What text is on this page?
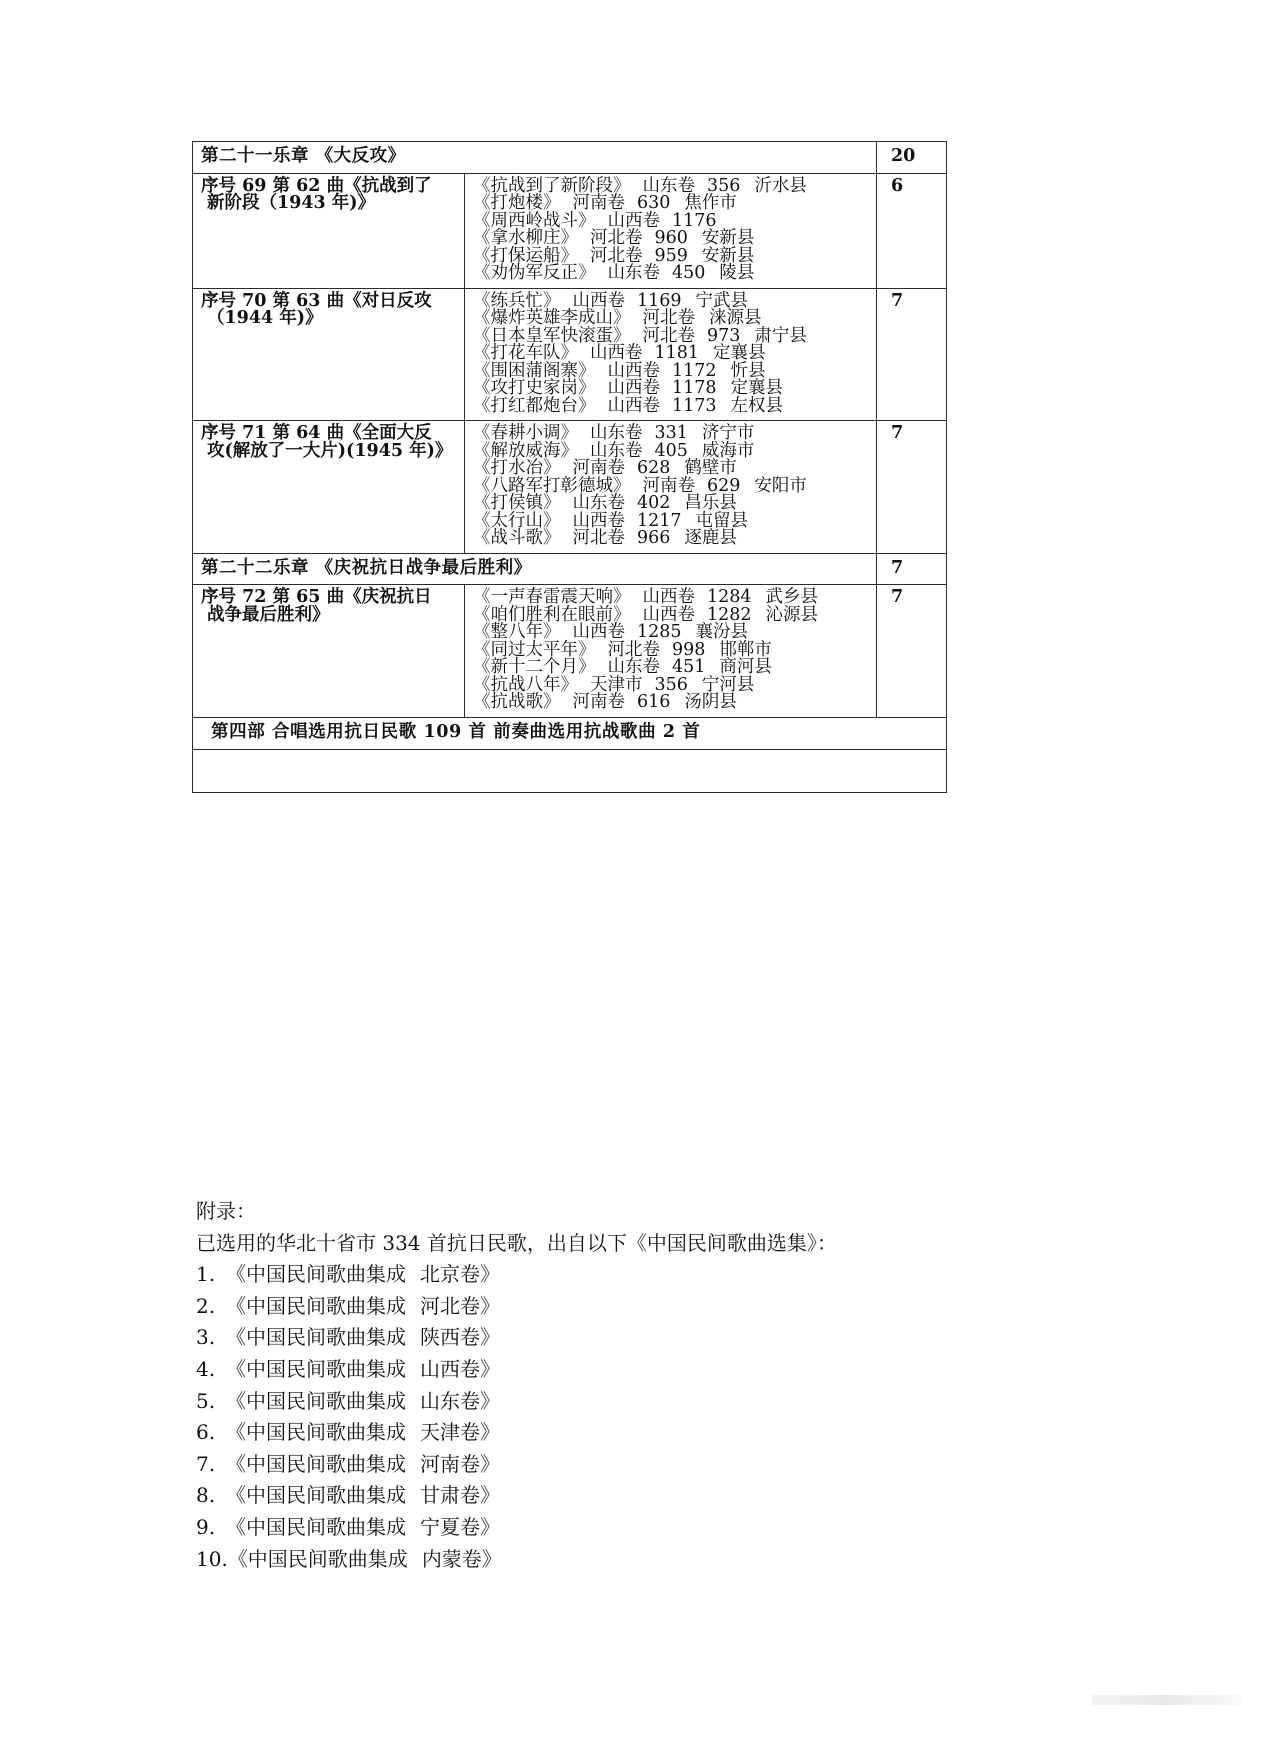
第二十一乐章 《大反攻》		20

序号 69 第 62 曲《抗战到了
新阶段（1943 年)》

《抗战到了新阶段》 山东卷 356 沂水县
《打炮楼》 河南卷 630 焦作市
《周西岭战斗》 山西卷 1176
《拿水柳庄》 河北卷 960 安新县
《打保运船》 河北卷 959 安新县
《劝伪军反正》 山东卷 450 陵县
	6

序号 70 第 63 曲《对日反攻
（1944 年)》

《练兵忙》 山西卷 1169 宁武县
《爆炸英雄李成山》 河北卷 涞源县
《日本皇军快滚蛋》 河北卷 973 肃宁县
《打花车队》 山西卷 1181 定襄县
《围困蒲阁寨》 山西卷 1172 忻县
《攻打史家岗》 山西卷 1178 定襄县
《打红都炮台》 山西卷 1173 左权县
	7

序号 71 第 64 曲《全面大反
攻(解放了一大片)(1945 年)》

《春耕小调》 山东卷 331 济宁市
《解放威海》 山东卷 405 威海市
《打水冶》 河南卷 628 鹤壁市
《八路军打彰德城》 河南卷 629 安阳市
《打侯镇》 山东卷 402 昌乐县
《太行山》 山西卷 1217 屯留县
《战斗歌》 河北卷 966 逐鹿县
	7
第二十二乐章 《庆祝抗日战争最后胜利》		7

序号 72 第 65 曲《庆祝抗日
战争最后胜利》

《一声春雷震天响》 山西卷 1284 武乡县
《咱们胜利在眼前》 山西卷 1282 沁源县
《整八年》 山西卷 1285 襄汾县
《同过太平年》 河北卷 998 邯郸市
《新十二个月》 山东卷 451 商河县
《抗战八年》 天津市 356 宁河县
《抗战歌》 河南卷 616 汤阴县
	7
第四部 合唱选用抗日民歌 109 首 前奏曲选用抗战歌曲 2 首		

附录：
已选用的华北十省市 334 首抗日民歌，出自以下《中国民间歌曲选集》：
1. 《中国民间歌曲集成 北京卷》
2. 《中国民间歌曲集成 河北卷》
3. 《中国民间歌曲集成 陕西卷》
4. 《中国民间歌曲集成 山西卷》
5. 《中国民间歌曲集成 山东卷》
6. 《中国民间歌曲集成 天津卷》
7. 《中国民间歌曲集成 河南卷》
8. 《中国民间歌曲集成 甘肃卷》
9. 《中国民间歌曲集成 宁夏卷》
10.《中国民间歌曲集成 内蒙卷》
